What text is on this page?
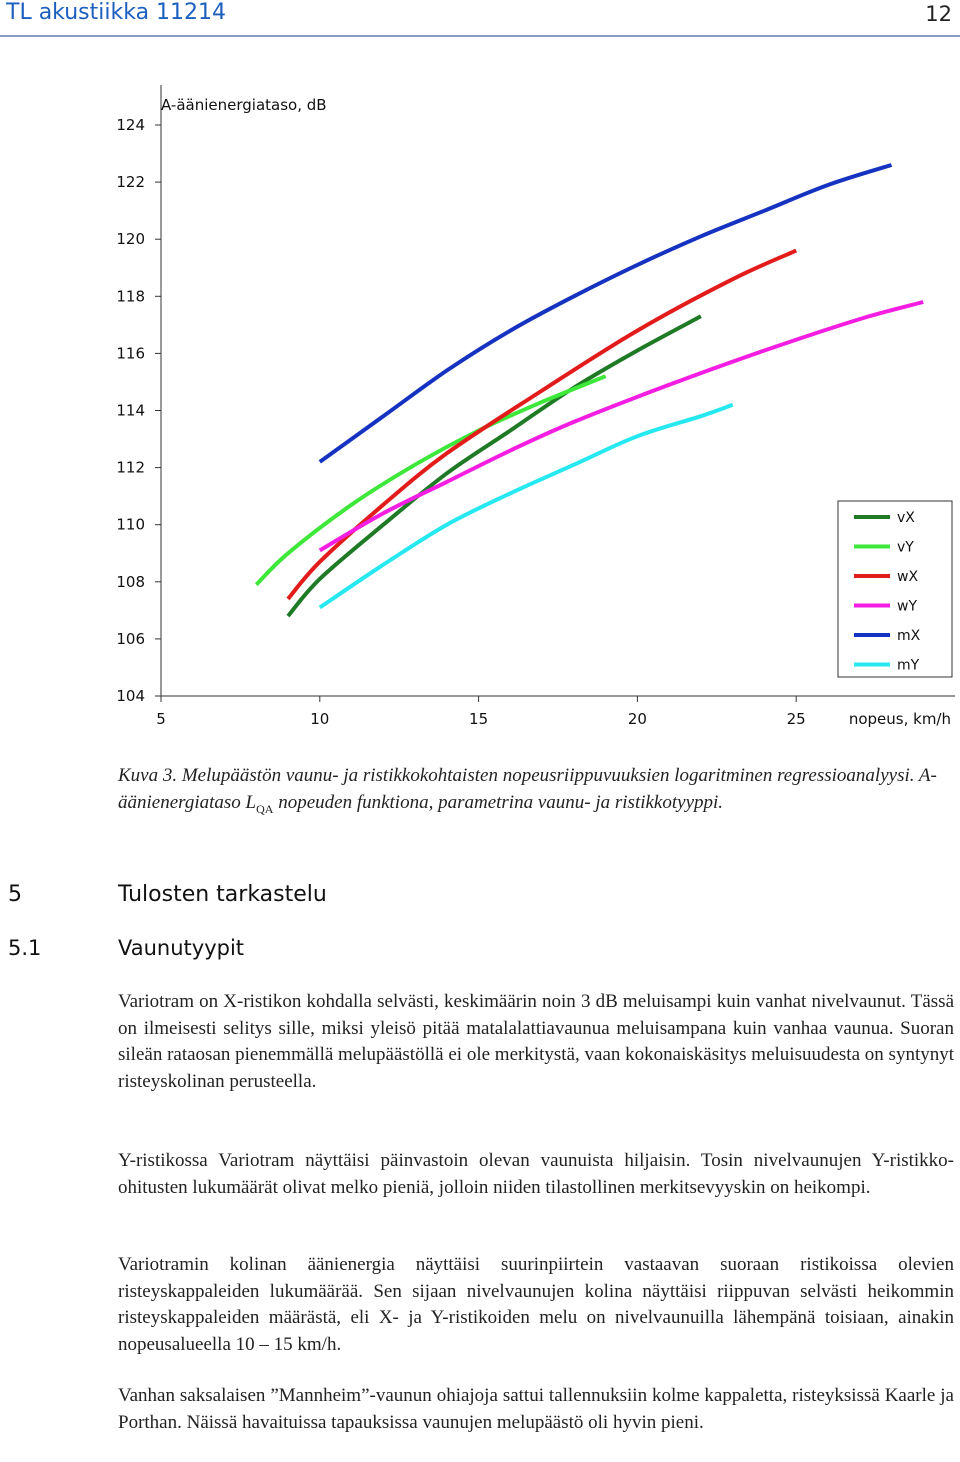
TL akustiikka 11214	12
104
106
108
110
112
114
116
118
120
122
124
5	10	15	20	25
A-äänienergiataso, dB
nopeus, km/h
vX
vY
wX
wY
mX
mY
Kuva 3. Melupäästön vaunu- ja ristikkokohtaisten nopeusriippuvuuksien logaritminen regressioanalyysi. A-äänienergiataso $L_{QA}$ nopeuden funktiona, parametrina vaunu- ja ristikkotyyppi.
5	Tulosten tarkastelu
5.1	Vaunutyypit
Variotram on X-ristikon kohdalla selvästi, keskimäärin noin 3 dB meluisampi kuin vanhat nivelvaunut. Tässä on ilmeisesti selitys sille, miksi yleisö pitää matalalattiavaunua meluisampana kuin vanhaa vaunua. Suoran sileän rataosan pienemmällä melupäästöllä ei ole merkitystä, vaan kokonaiskäsitys meluisuudesta on syntynyt risteyskolinan perusteella.
Y-ristikossa Variotram näyttäisi päinvastoin olevan vaunuista hiljaisin. Tosin nivelvaunujen Y-ristikko-ohitusten lukumäärät olivat melko pieniä, jolloin niiden tilastollinen merkitsevyyskin on heikompi.
Variotramin kolinan äänienergia näyttäisi suurinpiirtein vastaavan suoraan ristikoissa olevien risteyskappaleiden lukumäärää. Sen sijaan nivelvaunujen kolina näyttäisi riippuvan selvästi heikommin risteyskappaleiden määrästä, eli X- ja Y-ristikoiden melu on nivelvaunuilla lähempänä toisiaan, ainakin nopeusalueella 10 – 15 km/h.
Vanhan saksalaisen ”Mannheim”-vaunun ohiajoja sattui tallennuksiin kolme kappaletta, risteyksissä Kaarle ja Porthan. Näissä havaituissa tapauksissa vaunujen melupäästö oli hyvin pieni.
